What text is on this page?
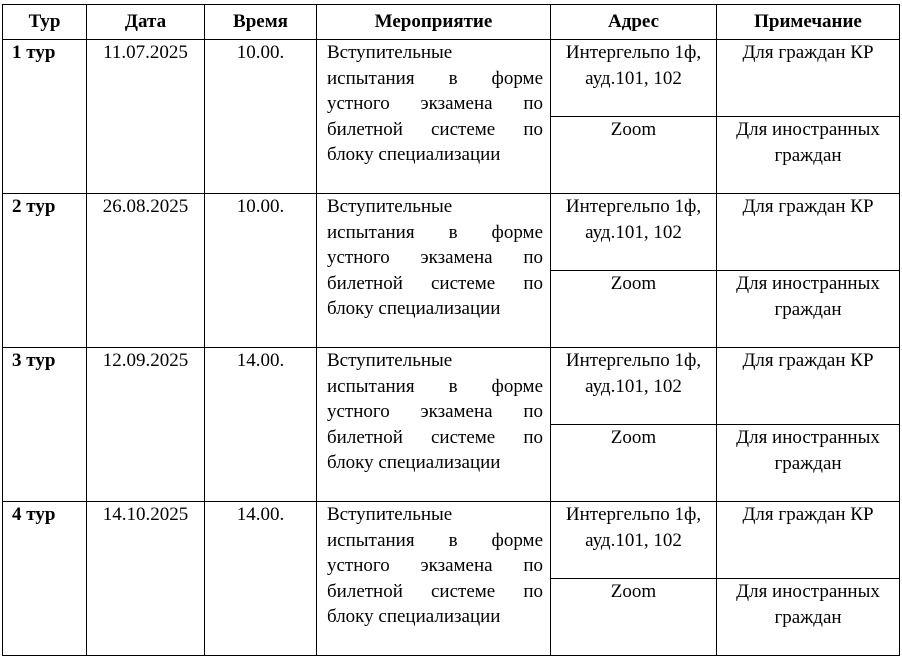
Тур	Дата	Время	Мероприятие	Адрес	Примечание
1 тур	11.07.2025	10.00.	Вступительные испытания в форме устного экзамена по билетной системе по блоку специализации	Интергельпо 1ф, ауд.101, 102	Для граждан КР
				Zoom	Для иностранных граждан
2 тур	26.08.2025	10.00.	Вступительные испытания в форме устного экзамена по билетной системе по блоку специализации	Интергельпо 1ф, ауд.101, 102	Для граждан КР
				Zoom	Для иностранных граждан
3 тур	12.09.2025	14.00.	Вступительные испытания в форме устного экзамена по билетной системе по блоку специализации	Интергельпо 1ф, ауд.101, 102	Для граждан КР
				Zoom	Для иностранных граждан
4 тур	14.10.2025	14.00.	Вступительные испытания в форме устного экзамена по билетной системе по блоку специализации	Интергельпо 1ф, ауд.101, 102	Для граждан КР
				Zoom	Для иностранных граждан
